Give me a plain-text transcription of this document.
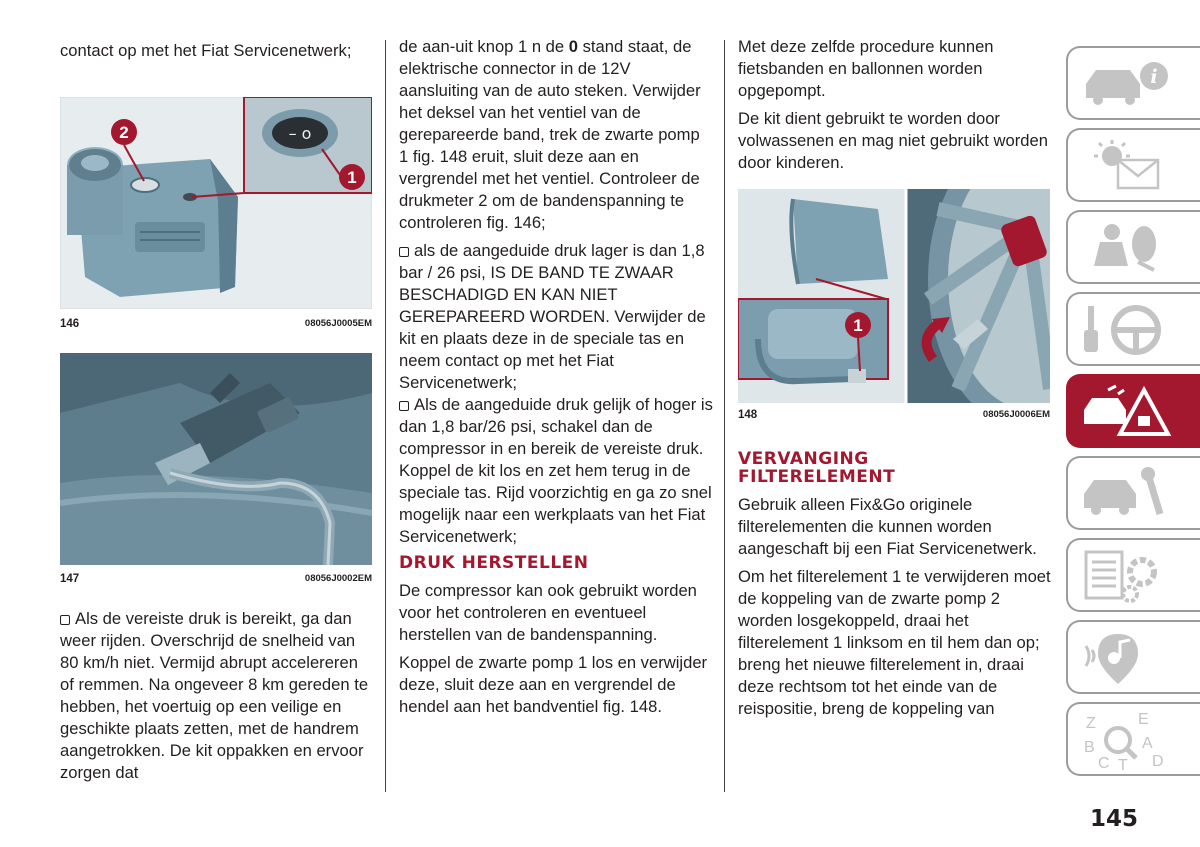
contact op met het Fiat Servicenetwerk;

2	– o
1
146	08056J0005EM
147	08056J0002EM

Als de vereiste druk is bereikt, ga dan weer rijden. Overschrijd de snelheid van 80 km/h niet. Vermijd abrupt accelereren of remmen. Na ongeveer 8 km gereden te hebben, het voertuig op een veilige en geschikte plaats zetten, met de handrem aangetrokken. De kit oppakken en ervoor zorgen dat

de aan-uit knop 1 n de 0 stand staat, de elektrische connector in de 12V aansluiting van de auto steken. Verwijder het deksel van het ventiel van de gerepareerde band, trek de zwarte pomp 1 fig. 148 eruit, sluit deze aan en vergrendel met het ventiel. Controleer de drukmeter 2 om de bandenspanning te controleren fig. 146;

als de aangeduide druk lager is dan 1,8 bar / 26 psi, IS DE BAND TE ZWAAR BESCHADIGD EN KAN NIET GEREPAREERD WORDEN. Verwijder de kit en plaats deze in de speciale tas en neem contact op met het Fiat Servicenetwerk;

Als de aangeduide druk gelijk of hoger is dan 1,8 bar/26 psi, schakel dan de compressor in en bereik de vereiste druk. Koppel de kit los en zet hem terug in de speciale tas. Rijd voorzichtig en ga zo snel mogelijk naar een werkplaats van het Fiat Servicenetwerk;

DRUK HERSTELLEN

De compressor kan ook gebruikt worden voor het controleren en eventueel herstellen van de bandenspanning.

Koppel de zwarte pomp 1 los en verwijder deze, sluit deze aan en vergrendel de hendel aan het bandventiel fig. 148.

Met deze zelfde procedure kunnen fietsbanden en ballonnen worden opgepompt.

De kit dient gebruikt te worden door volwassenen en mag niet gebruikt worden door kinderen.

1
148	08056J0006EM
VERVANGING
FILTERELEMENT

Gebruik alleen Fix&Go originele filterelementen die kunnen worden aangeschaft bij een Fiat Servicenetwerk.

Om het filterelement 1 te verwijderen moet de koppeling van de zwarte pomp 2 worden losgekoppeld, draai het filterelement 1 linksom en til hem dan op; breng het nieuwe filterelement in, draai deze rechtsom tot het einde van de reispositie, breng de koppeling van

i
Z	E
B	A
C T D
145
